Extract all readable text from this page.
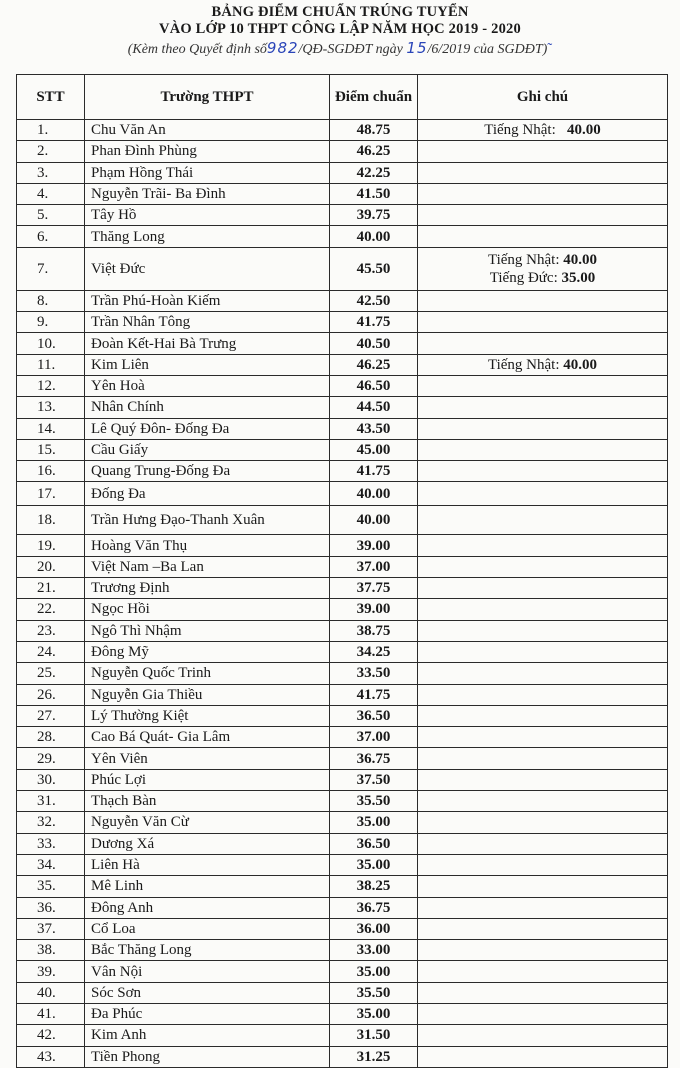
BẢNG ĐIỂM CHUẨN TRÚNG TUYỂN
VÀO LỚP 10 THPT CÔNG LẬP NĂM HỌC 2019 - 2020
(Kèm theo Quyết định số982/QĐ-SGDĐT ngày 15/6/2019 của SGDĐT)˜
STT	Trường THPT	Điểm chuẩn	Ghi chú
1.	Chu Văn An	48.75	Tiếng Nhật:   40.00

2.	Phan Đình Phùng	46.25	
3.	Phạm Hồng Thái	42.25	
4.	Nguyễn Trãi- Ba Đình	41.50	
5.	Tây Hồ	39.75	
6.	Thăng Long	40.00	
7.	Việt Đức	45.50	Tiếng Nhật: 40.00
Tiếng Đức: 35.00

8.	Trần Phú-Hoàn Kiếm	42.50	
9.	Trần Nhân Tông	41.75	
10.	Đoàn Kết-Hai Bà Trưng	40.50	
11.	Kim Liên	46.25	Tiếng Nhật: 40.00

12.	Yên Hoà	46.50	
13.	Nhân Chính	44.50	
14.	Lê Quý Đôn- Đống Đa	43.50	
15.	Cầu Giấy	45.00	
16.	Quang Trung-Đống Đa	41.75	
17.	Đống Đa	40.00	
18.	Trần Hưng Đạo-Thanh Xuân	40.00	
19.	Hoàng Văn Thụ	39.00	
20.	Việt Nam –Ba Lan	37.00	
21.	Trương Định	37.75	
22.	Ngọc Hồi	39.00	
23.	Ngô Thì Nhậm	38.75	
24.	Đông Mỹ	34.25	
25.	Nguyễn Quốc Trinh	33.50	
26.	Nguyễn Gia Thiều	41.75	
27.	Lý Thường Kiệt	36.50	
28.	Cao Bá Quát- Gia Lâm	37.00	
29.	Yên Viên	36.75	
30.	Phúc Lợi	37.50	
31.	Thạch Bàn	35.50	
32.	Nguyễn Văn Cừ	35.00	
33.	Dương Xá	36.50	
34.	Liên Hà	35.00	
35.	Mê Linh	38.25	
36.	Đông Anh	36.75	
37.	Cổ Loa	36.00	
38.	Bắc Thăng Long	33.00	
39.	Vân Nội	35.00	
40.	Sóc Sơn	35.50	
41.	Đa Phúc	35.00	
42.	Kim Anh	31.50	
43.	Tiền Phong	31.25	
